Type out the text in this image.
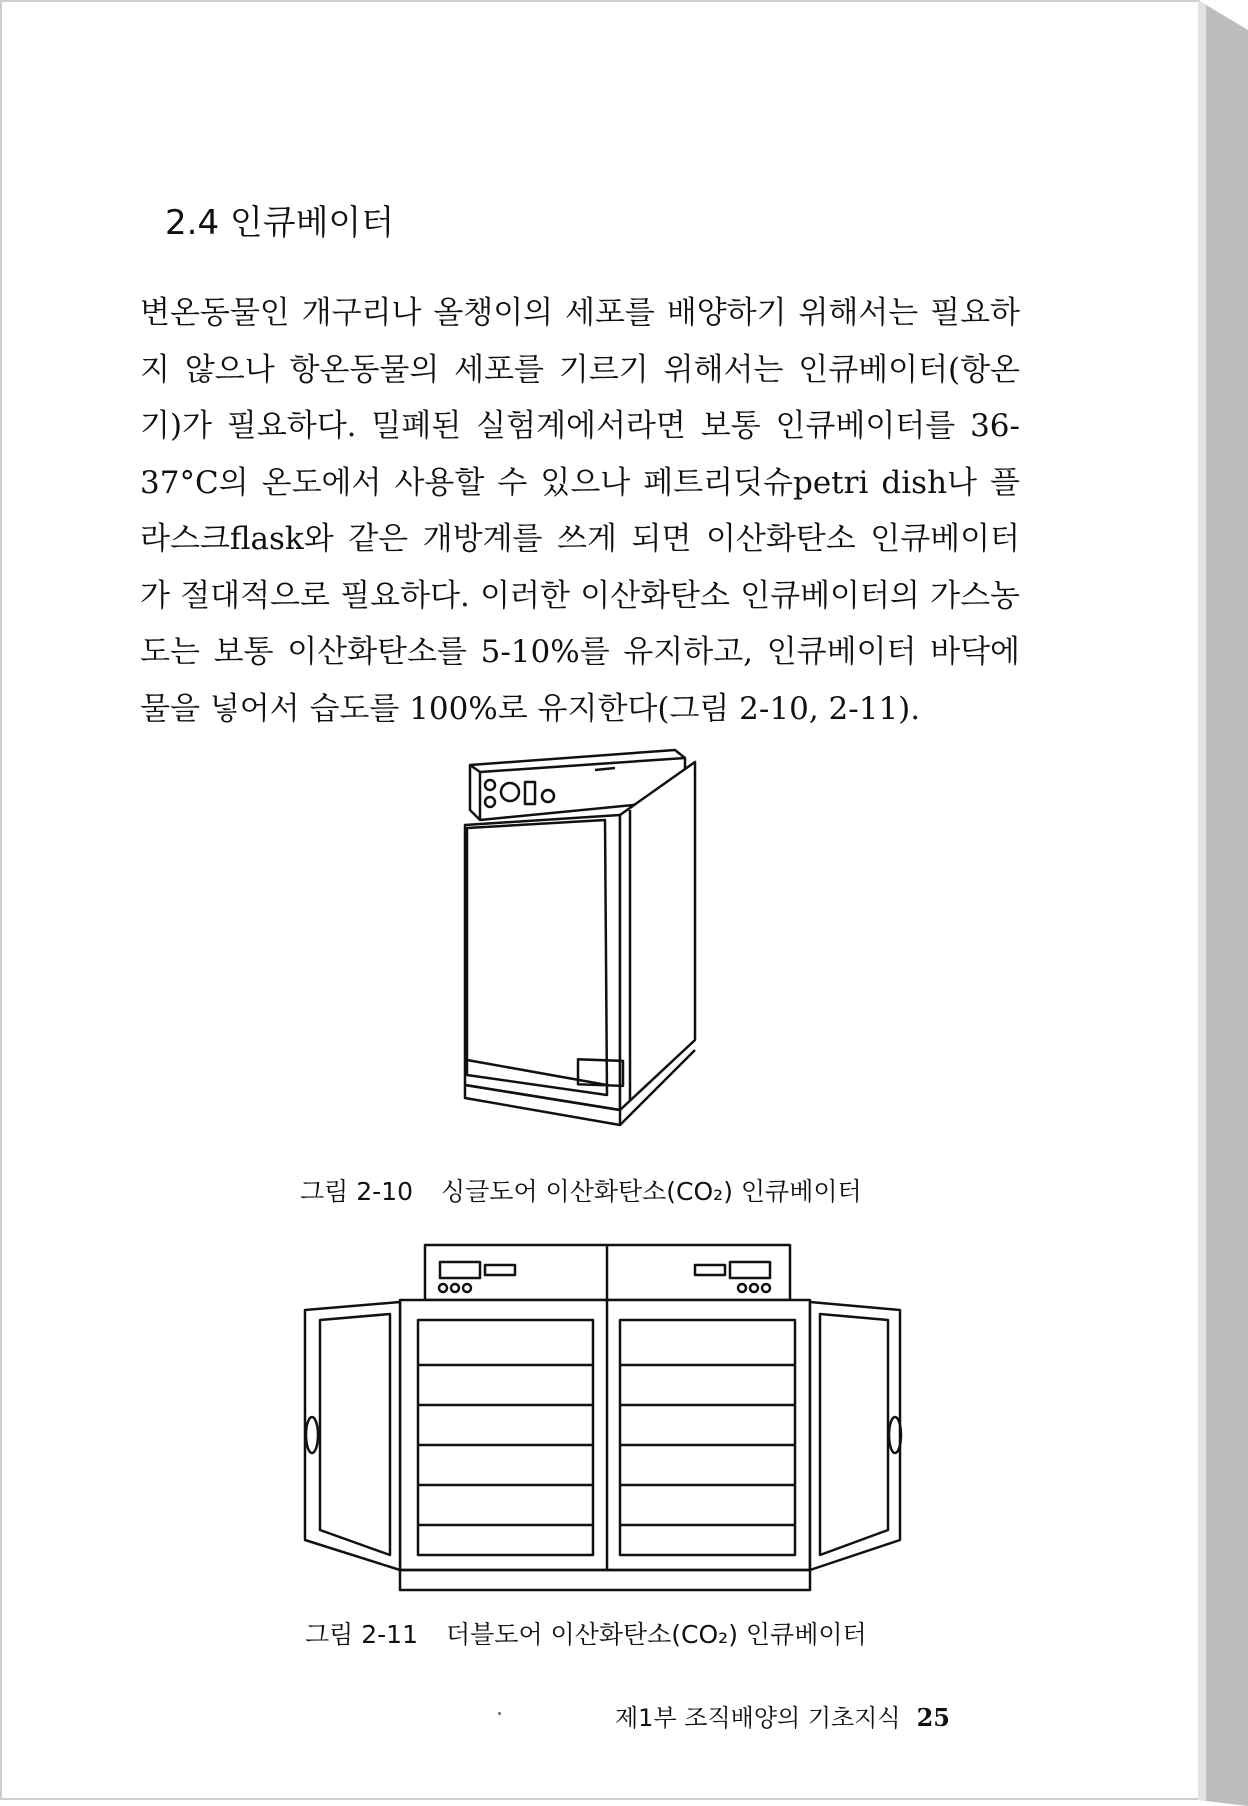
2.4 인큐베이터

변온동물인 개구리나 올챙이의 세포를 배양하기 위해서는 필요하지 않으나 항온동물의 세포를 기르기 위해서는 인큐베이터(항온기)가 필요하다. 밀폐된 실험계에서라면 보통 인큐베이터를 36-37°C의 온도에서 사용할 수 있으나 페트리딧슈petri dish나 플라스크flask와 같은 개방계를 쓰게 되면 이산화탄소 인큐베이터가 절대적으로 필요하다. 이러한 이산화탄소 인큐베이터의 가스농도는 보통 이산화탄소를 5-10%를 유지하고, 인큐베이터 바닥에 물을 넣어서 습도를 100%로 유지한다(그림 2-10, 2-11).

그림 2-10 싱글도어 이산화탄소(CO₂) 인큐베이터
그림 2-11 더블도어 이산화탄소(CO₂) 인큐베이터
제1부 조직배양의 기초지식 25
